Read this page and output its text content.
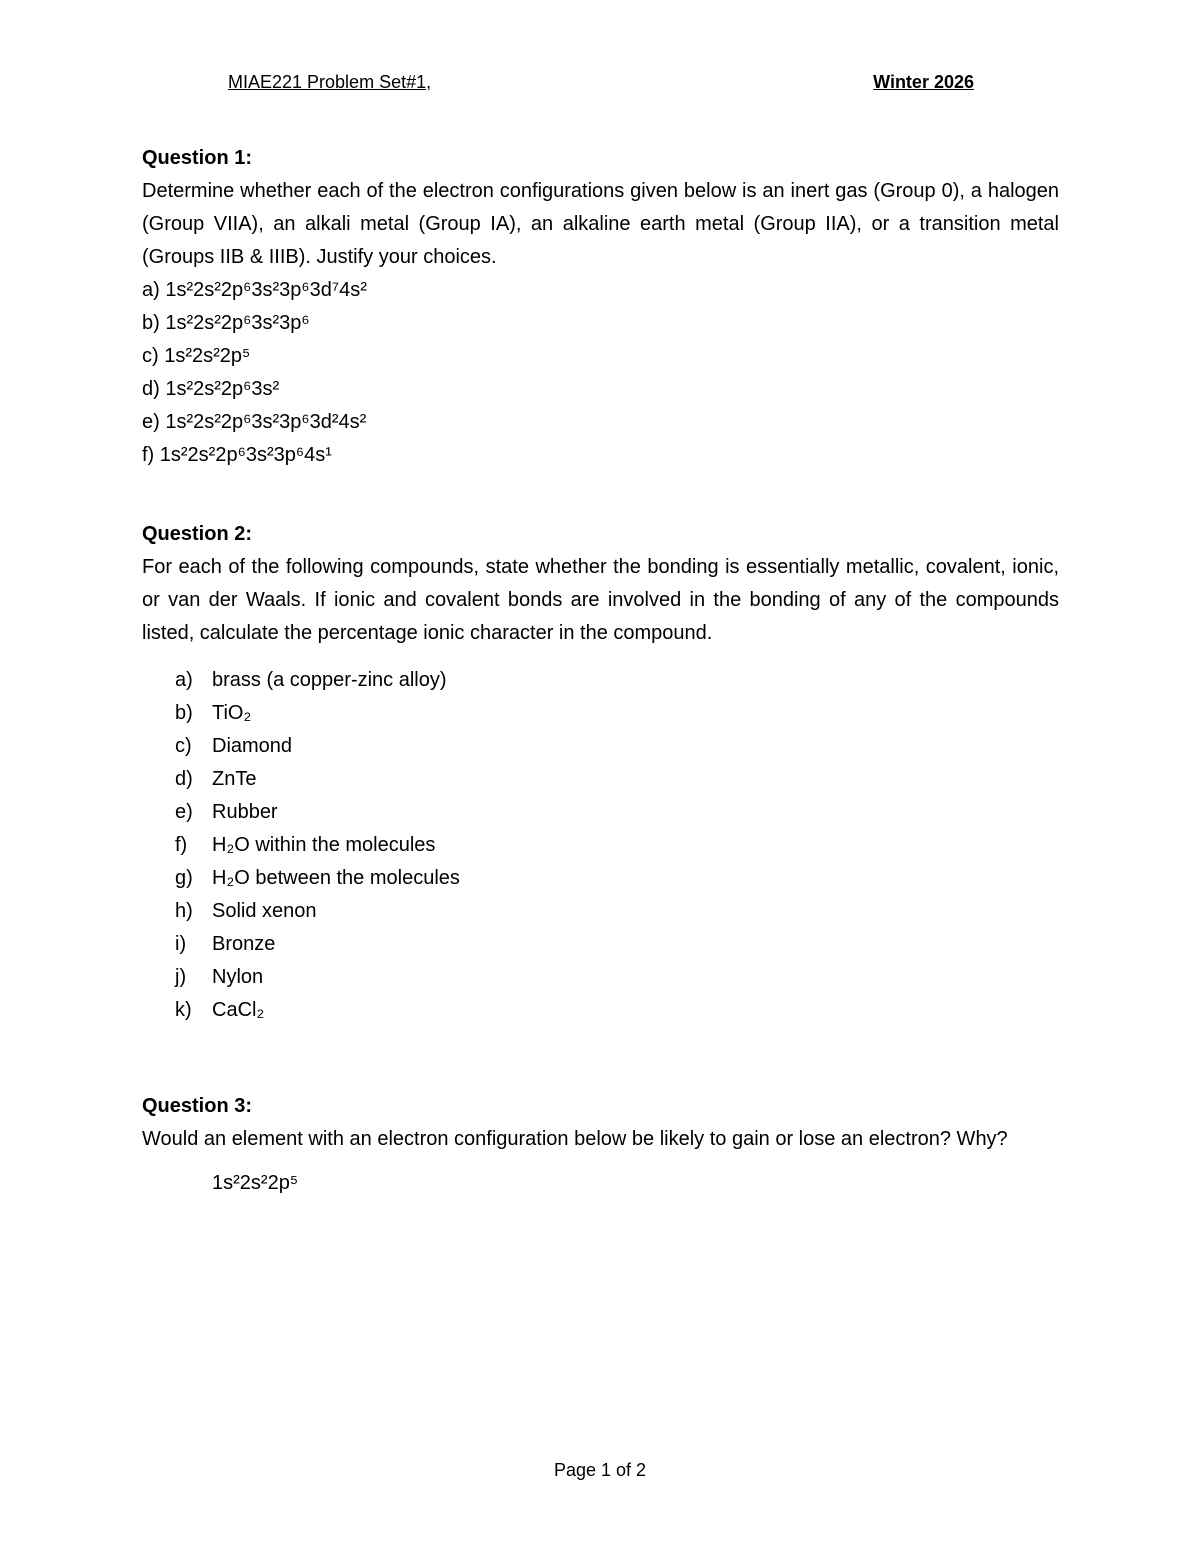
MIAE221 Problem Set#1,	Winter 2026
Question 1:
Determine whether each of the electron configurations given below is an inert gas (Group 0), a halogen (Group VIIA), an alkali metal (Group IA), an alkaline earth metal (Group IIA), or a transition metal (Groups IIB & IIIB). Justify your choices.
a) 1s²2s²2p⁶3s²3p⁶3d⁷4s²
b) 1s²2s²2p⁶3s²3p⁶
c) 1s²2s²2p⁵
d) 1s²2s²2p⁶3s²
e) 1s²2s²2p⁶3s²3p⁶3d²4s²
f) 1s²2s²2p⁶3s²3p⁶4s¹
Question 2:
For each of the following compounds, state whether the bonding is essentially metallic, covalent, ionic, or van der Waals. If ionic and covalent bonds are involved in the bonding of any of the compounds listed, calculate the percentage ionic character in the compound.
a) brass (a copper-zinc alloy)
b) TiO₂
c) Diamond
d) ZnTe
e) Rubber
f) H₂O within the molecules
g) H₂O between the molecules
h) Solid xenon
i) Bronze
j) Nylon
k) CaCl₂
Question 3:
Would an element with an electron configuration below be likely to gain or lose an electron? Why?
1s²2s²2p⁵
Page 1 of 2
